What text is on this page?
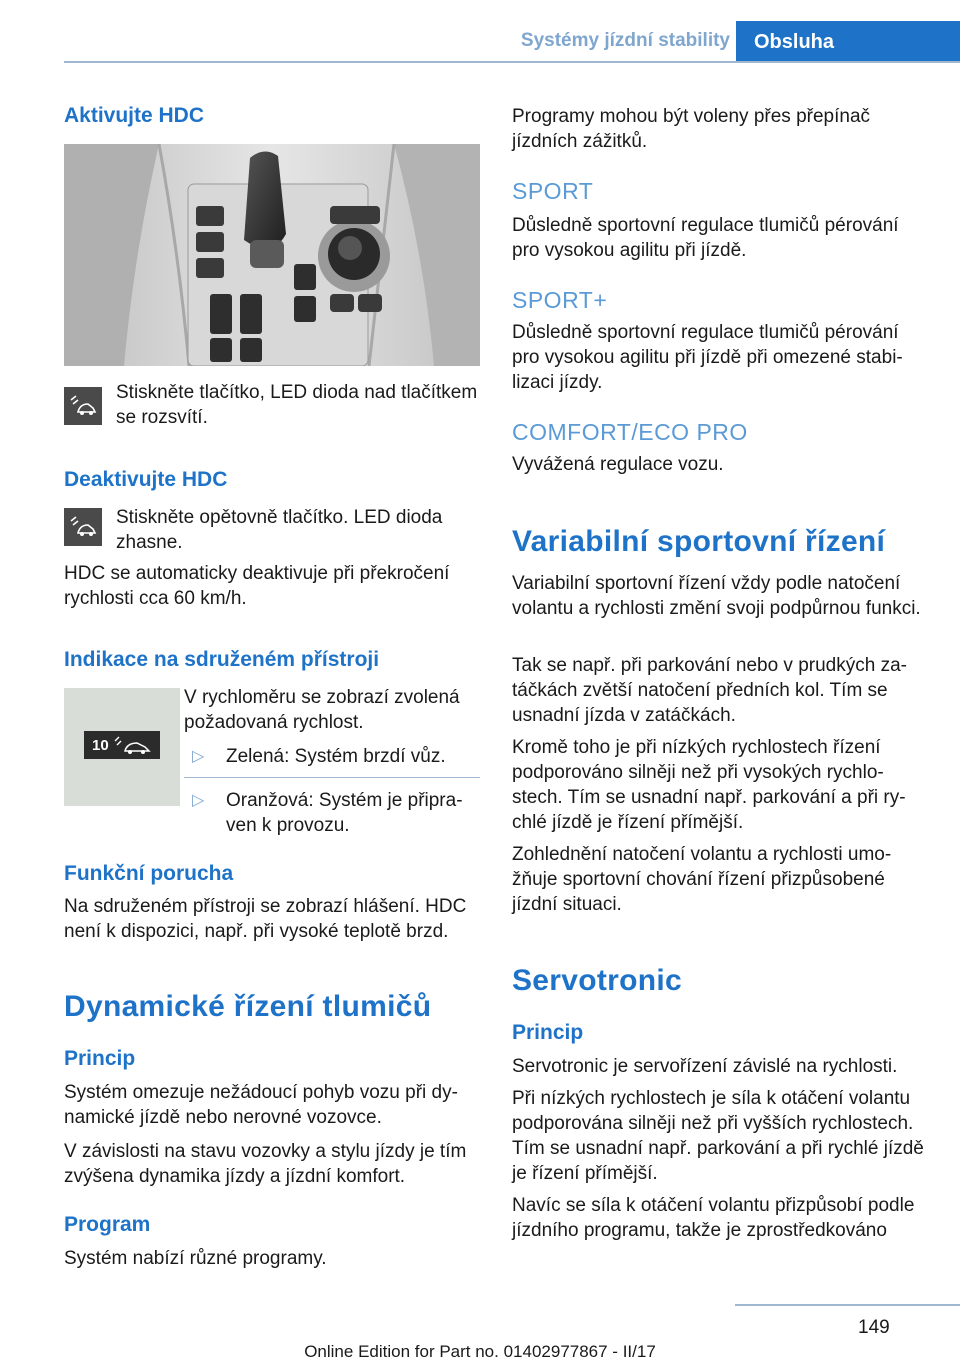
Systémy jízdní stability	Obsluha
Aktivujte HDC
Stiskněte tlačítko, LED dioda nad tlačítkem se rozsvítí.
Deaktivujte HDC
Stiskněte opětovně tlačítko. LED dioda zhasne.
HDC se automaticky deaktivuje při překročení rychlosti cca 60 km/h.
Indikace na sdruženém přístroji
10

V rychloměru se zobrazí zvolená požadovaná rychlost.

▷ Zelená: Systém brzdí vůz.
▷ Oranžová: Systém je připraven k provozu.
Funkční porucha
Na sdruženém přístroji se zobrazí hlášení. HDC není k dispozici, např. při vysoké teplotě brzd.
Dynamické řízení tlumičů
Princip
Systém omezuje nežádoucí pohyb vozu při dynamické jízdě nebo nerovné vozovce.
V závislosti na stavu vozovky a stylu jízdy je tím zvýšena dynamika jízdy a jízdní komfort.
Program
Systém nabízí různé programy.
Programy mohou být voleny přes přepínač jízdních zážitků.
SPORT
Důsledně sportovní regulace tlumičů pérování pro vysokou agilitu při jízdě.
SPORT+
Důsledně sportovní regulace tlumičů pérování pro vysokou agilitu při jízdě při omezené stabilizaci jízdy.
COMFORT/ECO PRO
Vyvážená regulace vozu.
Variabilní sportovní řízení
Variabilní sportovní řízení vždy podle natočení volantu a rychlosti změní svoji podpůrnou funkci.
Tak se např. při parkování nebo v prudkých zatáčkách zvětší natočení předních kol. Tím se usnadní jízda v zatáčkách.
Kromě toho je při nízkých rychlostech řízení podporováno silněji než při vysokých rychlostech. Tím se usnadní např. parkování a při rychlé jízdě je řízení přímější.
Zohlednění natočení volantu a rychlosti umožňuje sportovní chování řízení přizpůsobené jízdní situaci.
Servotronic
Princip
Servotronic je servořízení závislé na rychlosti.
Při nízkých rychlostech je síla k otáčení volantu podporována silněji než při vyšších rychlostech. Tím se usnadní např. parkování a při rychlé jízdě je řízení přímější.
Navíc se síla k otáčení volantu přizpůsobí podle jízdního programu, takže je zprostředkováno
149
Online Edition for Part no. 01402977867 - II/17
